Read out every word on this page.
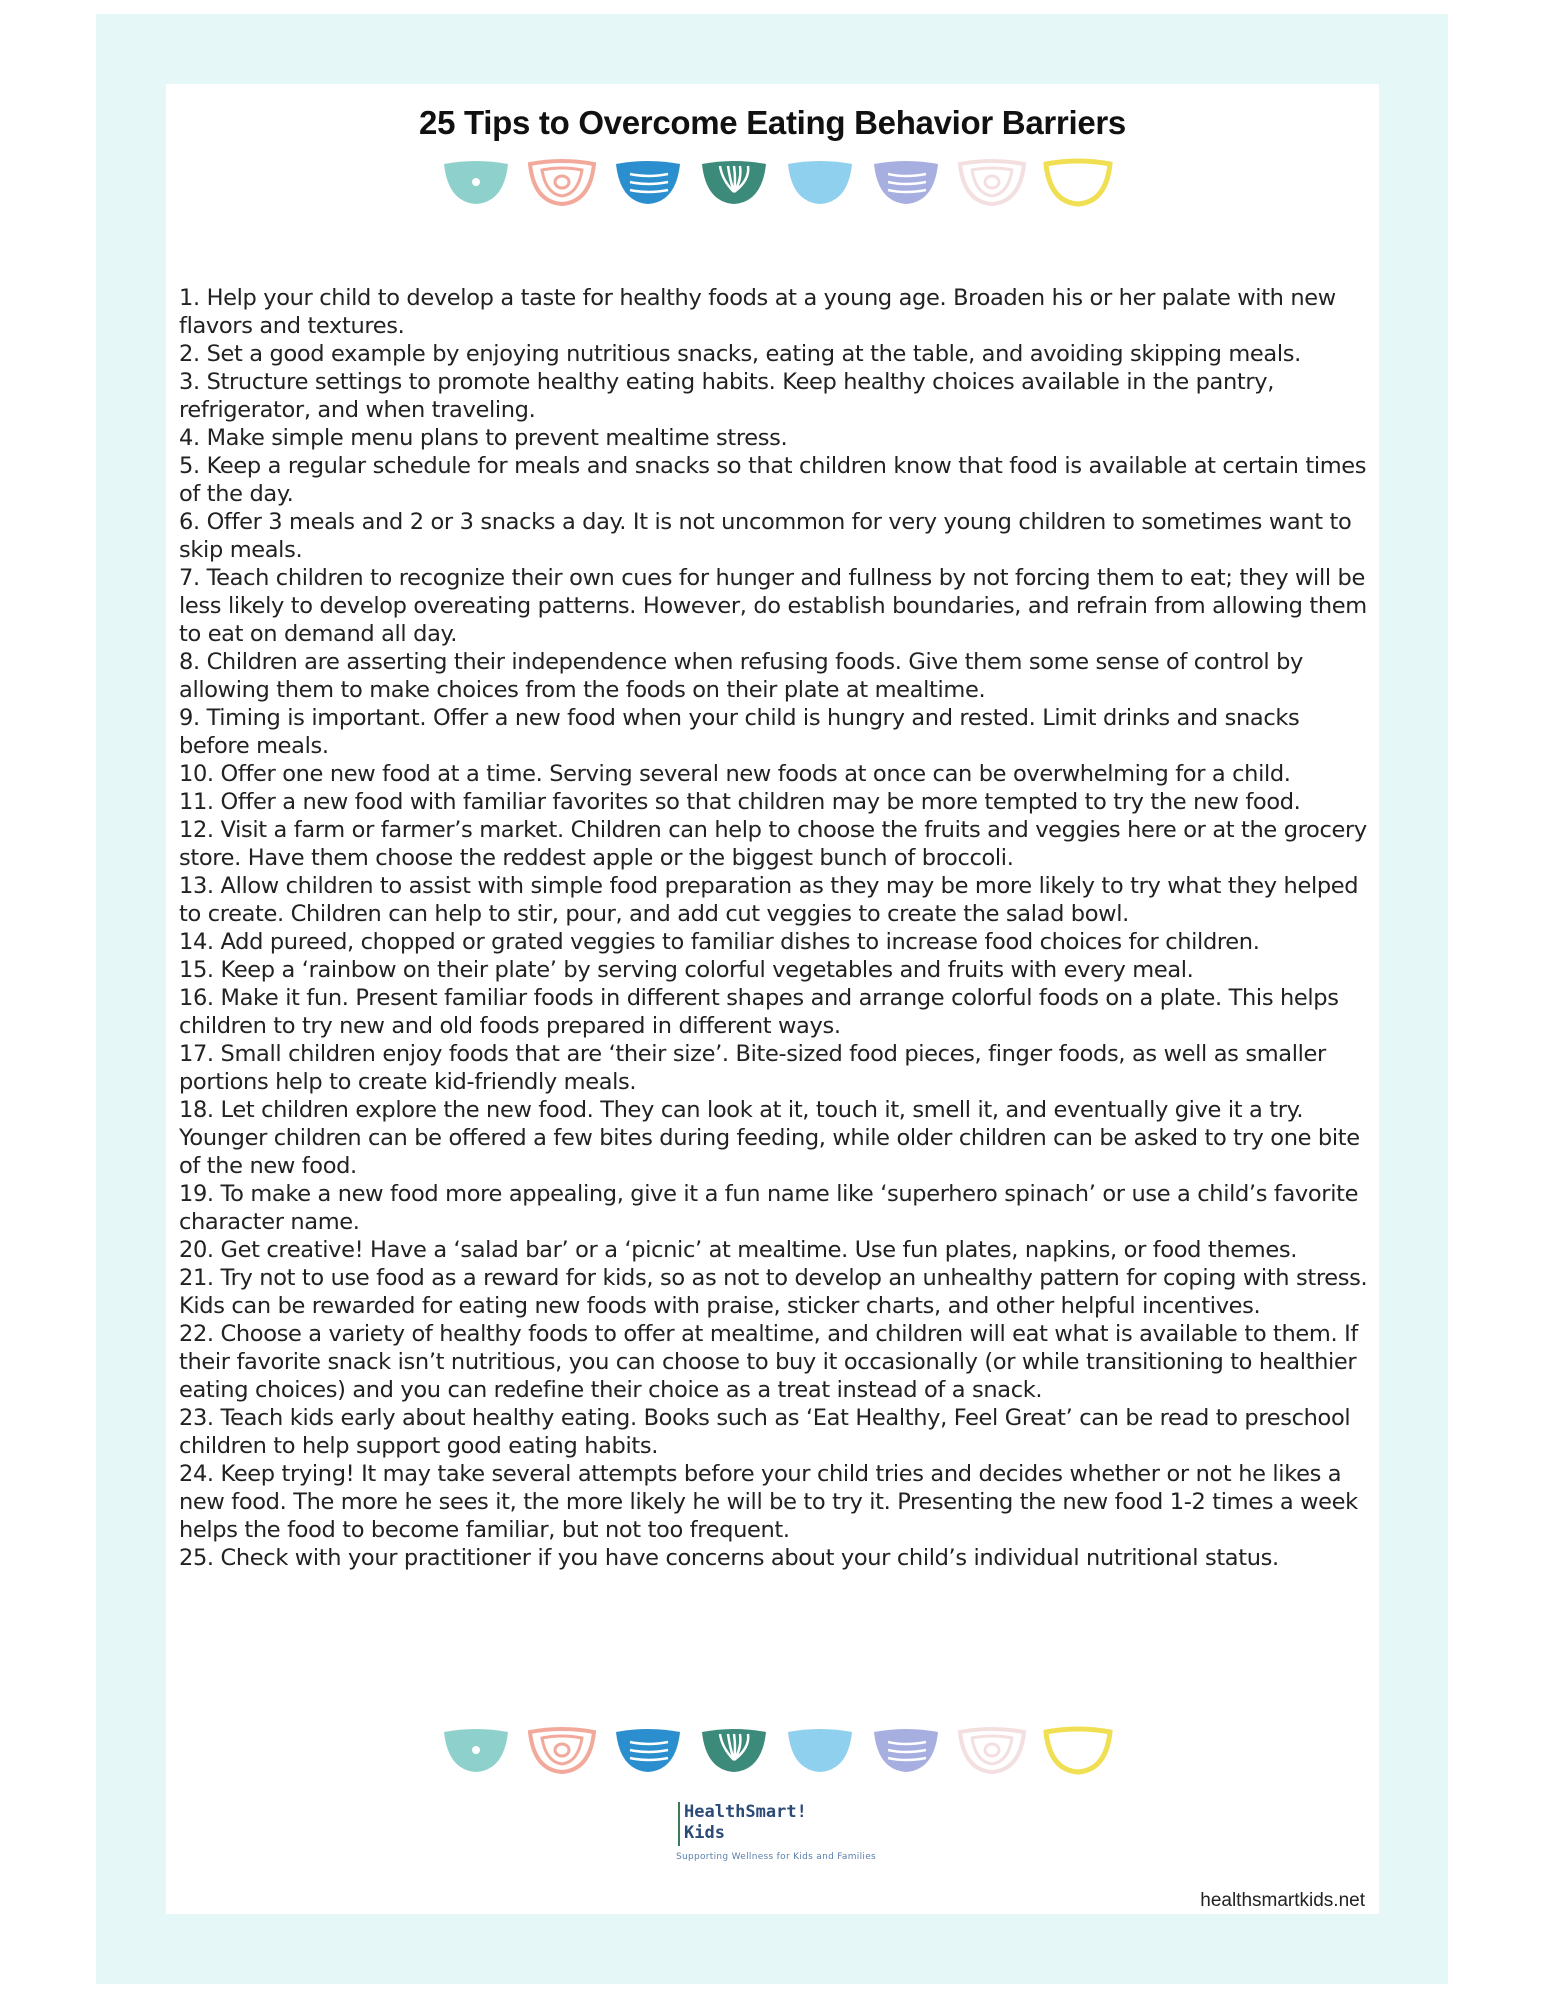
25 Tips to Overcome Eating Behavior Barriers
1. Help your child to develop a taste for healthy foods at a young age. Broaden his or her palate with new flavors and textures.
2. Set a good example by enjoying nutritious snacks, eating at the table, and avoiding skipping meals.
3. Structure settings to promote healthy eating habits. Keep healthy choices available in the pantry, refrigerator, and when traveling.
4. Make simple menu plans to prevent mealtime stress.
5. Keep a regular schedule for meals and snacks so that children know that food is available at certain times of the day.
6. Offer 3 meals and 2 or 3 snacks a day. It is not uncommon for very young children to sometimes want to skip meals.
7. Teach children to recognize their own cues for hunger and fullness by not forcing them to eat; they will be less likely to develop overeating patterns. However, do establish boundaries, and refrain from allowing them to eat on demand all day.
8. Children are asserting their independence when refusing foods. Give them some sense of control by allowing them to make choices from the foods on their plate at mealtime.
9. Timing is important. Offer a new food when your child is hungry and rested. Limit drinks and snacks before meals.
10. Offer one new food at a time. Serving several new foods at once can be overwhelming for a child.
11. Offer a new food with familiar favorites so that children may be more tempted to try the new food.
12. Visit a farm or farmer’s market. Children can help to choose the fruits and veggies here or at the grocery store. Have them choose the reddest apple or the biggest bunch of broccoli.
13. Allow children to assist with simple food preparation as they may be more likely to try what they helped to create. Children can help to stir, pour, and add cut veggies to create the salad bowl.
14. Add pureed, chopped or grated veggies to familiar dishes to increase food choices for children.
15. Keep a ‘rainbow on their plate’ by serving colorful vegetables and fruits with every meal.
16. Make it fun. Present familiar foods in different shapes and arrange colorful foods on a plate. This helps children to try new and old foods prepared in different ways.
17. Small children enjoy foods that are ‘their size’. Bite-sized food pieces, finger foods, as well as smaller portions help to create kid-friendly meals.
18. Let children explore the new food. They can look at it, touch it, smell it, and eventually give it a try. Younger children can be offered a few bites during feeding, while older children can be asked to try one bite of the new food.
19. To make a new food more appealing, give it a fun name like ‘superhero spinach’ or use a child’s favorite character name.
20. Get creative! Have a ‘salad bar’ or a ‘picnic’ at mealtime. Use fun plates, napkins, or food themes.
21. Try not to use food as a reward for kids, so as not to develop an unhealthy pattern for coping with stress. Kids can be rewarded for eating new foods with praise, sticker charts, and other helpful incentives.
22. Choose a variety of healthy foods to offer at mealtime, and children will eat what is available to them. If their favorite snack isn’t nutritious, you can choose to buy it occasionally (or while transitioning to healthier eating choices) and you can redefine their choice as a treat instead of a snack.
23. Teach kids early about healthy eating. Books such as ‘Eat Healthy, Feel Great’ can be read to preschool children to help support good eating habits.
24. Keep trying! It may take several attempts before your child tries and decides whether or not he likes a new food. The more he sees it, the more likely he will be to try it. Presenting the new food 1-2 times a week helps the food to become familiar, but not too frequent.
25. Check with your practitioner if you have concerns about your child’s individual nutritional status.
HealthSmart!
Kids
Supporting Wellness for Kids and Families
healthsmartkids.net
